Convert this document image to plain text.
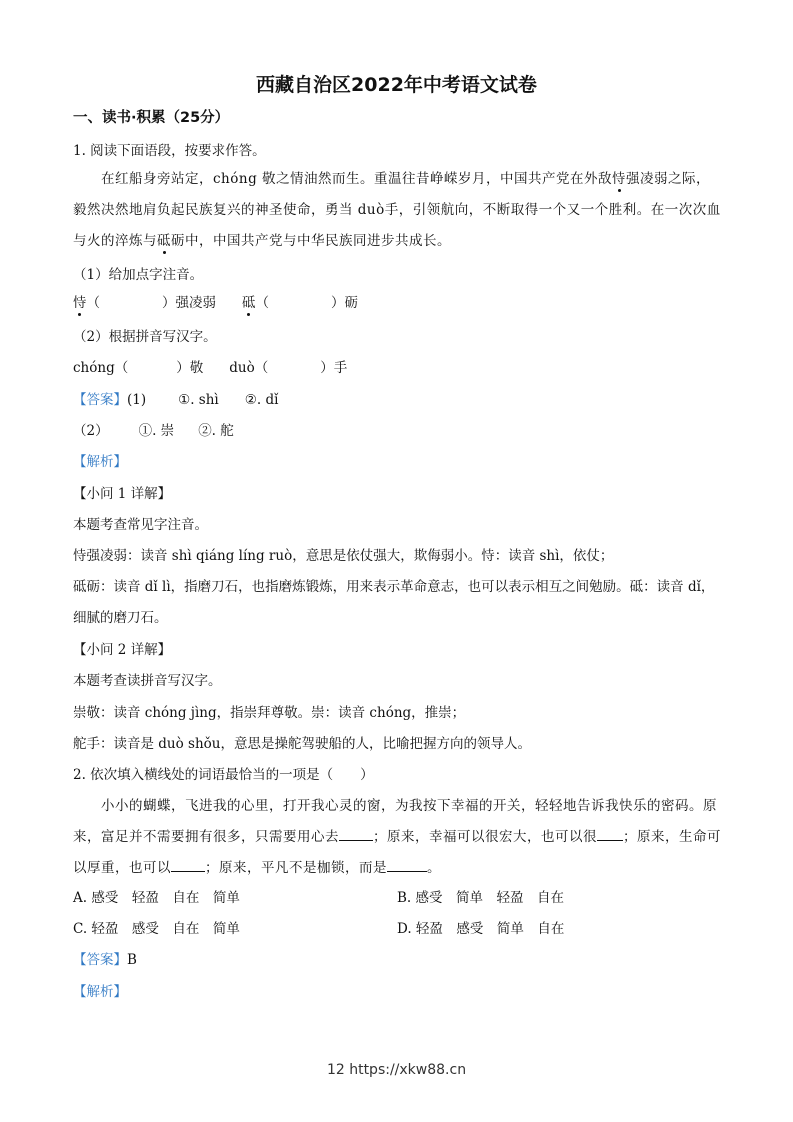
西藏自治区2022年中考语文试卷
一、读书·积累（25分）
1. 阅读下面语段，按要求作答。
在红船身旁站定，chóng 敬之情油然而生。重温往昔峥嵘岁月，中国共产党在外敌恃强凌弱之际，毅然决然地肩负起民族复兴的神圣使命，勇当 duò手，引领航向，不断取得一个又一个胜利。在一次次血与火的淬炼与砥砺中，中国共产党与中华民族同进步共成长。
（1）给加点字注音。
恃（	）强凌弱 砥（	）砺
（2）根据拼音写汉字。
chóng（	）敬 duò（	）手
【答案】(1) ①. shì ②. dǐ
（2） ①. 崇 ②. 舵
【解析】
【小问 1 详解】
本题考查常见字注音。
恃强凌弱：读音 shì qiáng líng ruò，意思是依仗强大，欺侮弱小。恃：读音 shì，依仗；
砥砺：读音 dǐ lì，指磨刀石，也指磨炼锻炼，用来表示革命意志，也可以表示相互之间勉励。砥：读音 dǐ，
细腻的磨刀石。
【小问 2 详解】
本题考查读拼音写汉字。
崇敬：读音 chóng jìng，指崇拜尊敬。崇：读音 chóng，推崇；
舵手：读音是 duò shǒu，意思是操舵驾驶船的人，比喻把握方向的领导人。
2. 依次填入横线处的词语最恰当的一项是（　　）
小小的蝴蝶，飞进我的心里，打开我心灵的窗，为我按下幸福的开关，轻轻地告诉我快乐的密码。原来，富足并不需要拥有很多，只需要用心去	；原来，幸福可以很宏大，也可以很 ；原来，生命可以厚重，也可以	；原来，平凡不是枷锁，而是	。
A. 感受　轻盈　自在　简单	B. 感受　简单　轻盈　自在
C. 轻盈　感受　自在　简单	D. 轻盈　感受　简单　自在
【答案】B
【解析】
12 https://xkw88.cn
